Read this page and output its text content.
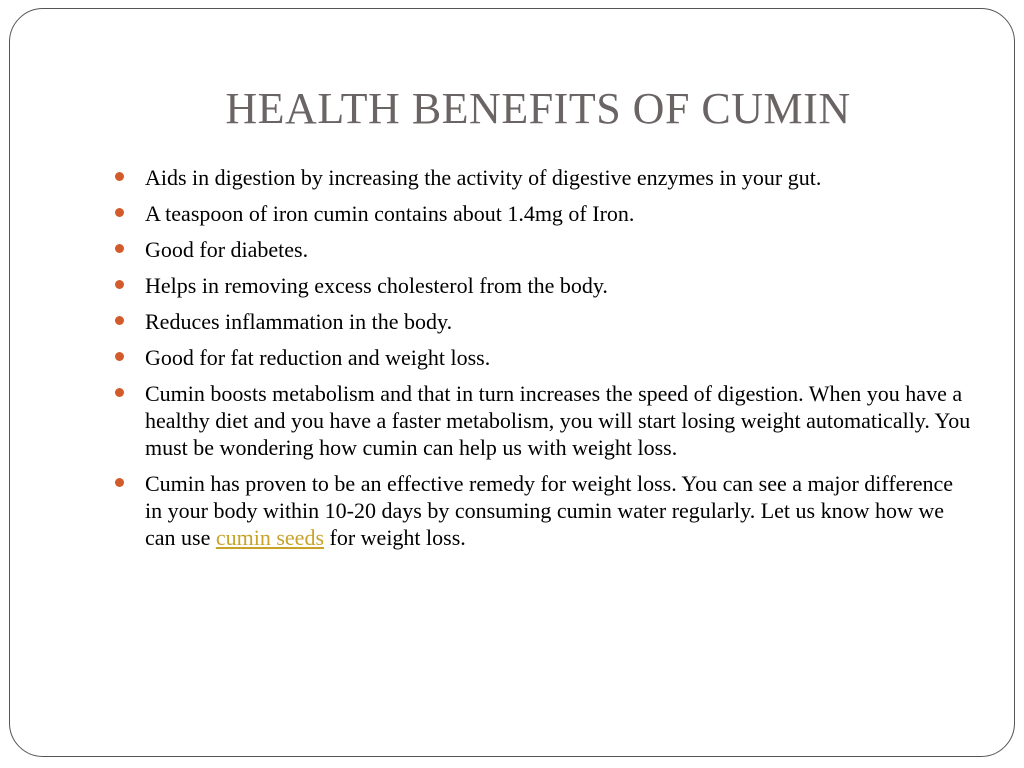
HEALTH BENEFITS OF CUMIN
Aids in digestion by increasing the activity of digestive enzymes in your gut.
A teaspoon of iron cumin contains about 1.4mg of Iron.
Good for diabetes.
Helps in removing excess cholesterol from the body.
Reduces inflammation in the body.
Good for fat reduction and weight loss.
Cumin boosts metabolism and that in turn increases the speed of digestion. When you have a healthy diet and you have a faster metabolism, you will start losing weight automatically. You must be wondering how cumin can help us with weight loss.
Cumin has proven to be an effective remedy for weight loss. You can see a major difference in your body within 10-20 days by consuming cumin water regularly. Let us know how we can use cumin seeds for weight loss.
